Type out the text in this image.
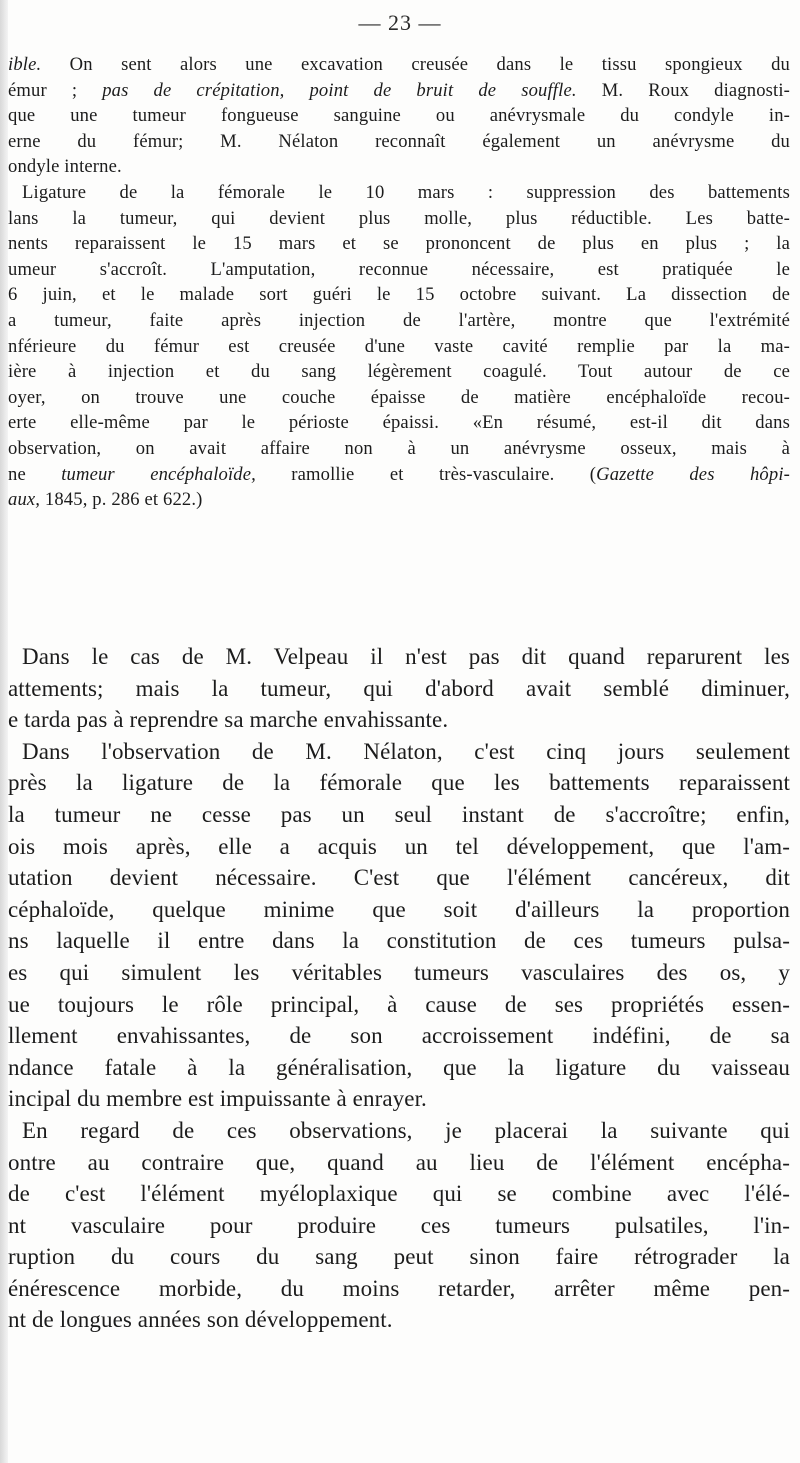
— 23 —
ible. On sent alors une excavation creusée dans le tissu spongieux du
émur ; pas de crépitation, point de bruit de souffle. M. Roux diagnosti-
que une tumeur fongueuse sanguine ou anévrysmale du condyle in-
erne du fémur; M. Nélaton reconnaît également un anévrysme du
ondyle interne.
Ligature de la fémorale le 10 mars : suppression des battements
lans la tumeur, qui devient plus molle, plus réductible. Les batte-
nents reparaissent le 15 mars et se prononcent de plus en plus ; la
umeur s'accroît. L'amputation, reconnue nécessaire, est pratiquée le
6 juin, et le malade sort guéri le 15 octobre suivant. La dissection de
a tumeur, faite après injection de l'artère, montre que l'extrémité
nférieure du fémur est creusée d'une vaste cavité remplie par la ma-
ière à injection et du sang légèrement coagulé. Tout autour de ce
oyer, on trouve une couche épaisse de matière encéphaloïde recou-
erte elle-même par le périoste épaissi. «En résumé, est-il dit dans
observation, on avait affaire non à un anévrysme osseux, mais à
ne tumeur encéphaloïde, ramollie et très-vasculaire. (Gazette des hôpi-
aux, 1845, p. 286 et 622.)
Dans le cas de M. Velpeau il n'est pas dit quand reparurent les
attements; mais la tumeur, qui d'abord avait semblé diminuer,
e tarda pas à reprendre sa marche envahissante.
Dans l'observation de M. Nélaton, c'est cinq jours seulement
près la ligature de la fémorale que les battements reparaissent
la tumeur ne cesse pas un seul instant de s'accroître; enfin,
ois mois après, elle a acquis un tel développement, que l'am-
utation devient nécessaire. C'est que l'élément cancéreux, dit
céphaloïde, quelque minime que soit d'ailleurs la proportion
ns laquelle il entre dans la constitution de ces tumeurs pulsa-
es qui simulent les véritables tumeurs vasculaires des os, y
ue toujours le rôle principal, à cause de ses propriétés essen-
llement envahissantes, de son accroissement indéfini, de sa
ndance fatale à la généralisation, que la ligature du vaisseau
incipal du membre est impuissante à enrayer.
En regard de ces observations, je placerai la suivante qui
ontre au contraire que, quand au lieu de l'élément encépha-
de c'est l'élément myéloplaxique qui se combine avec l'élé-
nt vasculaire pour produire ces tumeurs pulsatiles, l'in-
ruption du cours du sang peut sinon faire rétrograder la
énérescence morbide, du moins retarder, arrêter même pen-
nt de longues années son développement.
